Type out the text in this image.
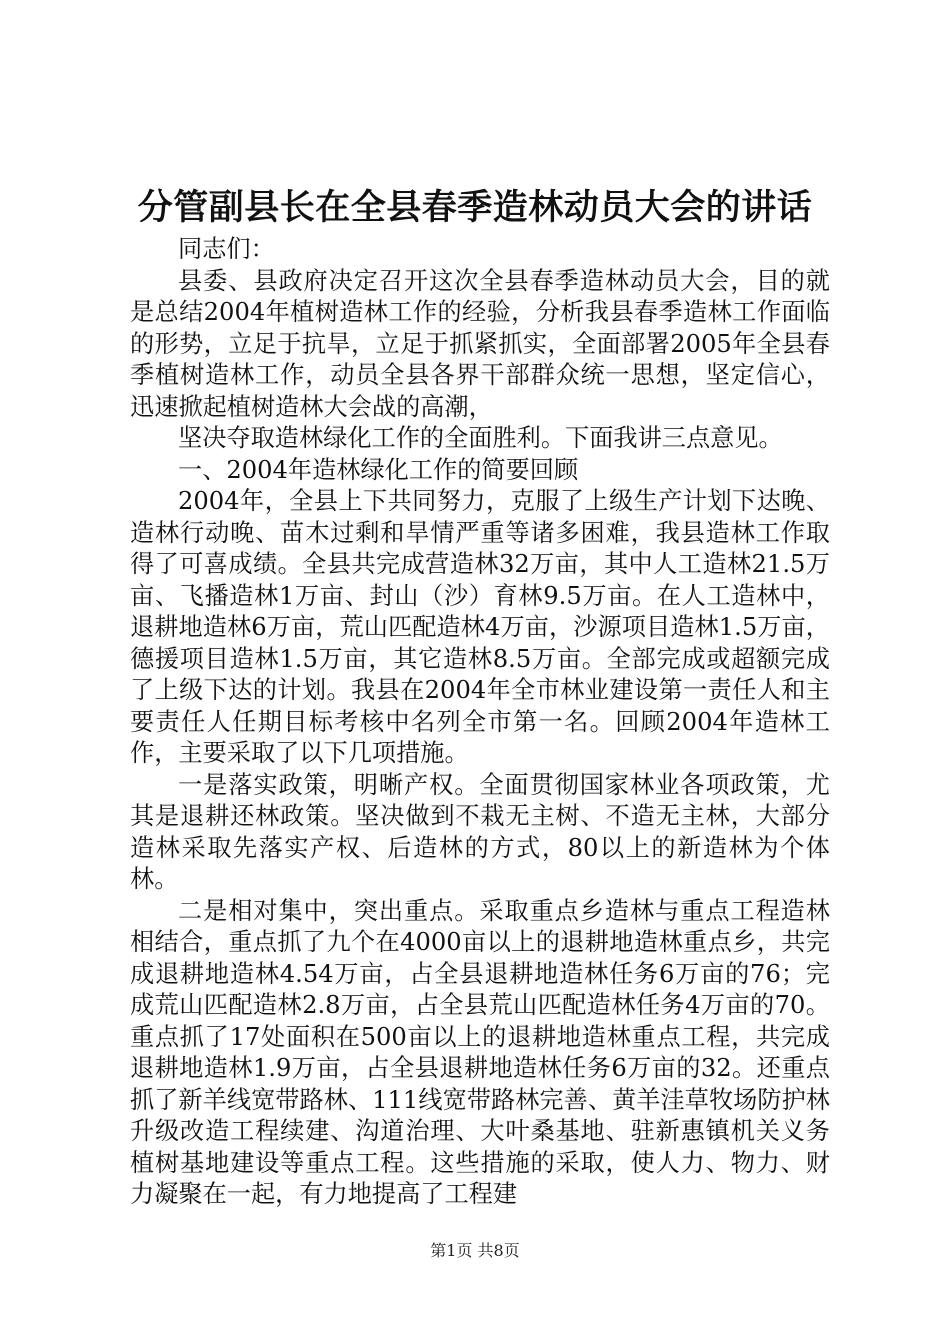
分管副县长在全县春季造林动员大会的讲话

同志们：

县委、县政府决定召开这次全县春季造林动员大会，目的就是总结2004年植树造林工作的经验，分析我县春季造林工作面临的形势，立足于抗旱，立足于抓紧抓实，全面部署2005年全县春季植树造林工作，动员全县各界干部群众统一思想，坚定信心，迅速掀起植树造林大会战的高潮，

坚决夺取造林绿化工作的全面胜利。下面我讲三点意见。

一、2004年造林绿化工作的简要回顾

2004年，全县上下共同努力，克服了上级生产计划下达晚、造林行动晚、苗木过剩和旱情严重等诸多困难，我县造林工作取得了可喜成绩。全县共完成营造林32万亩，其中人工造林21.5万亩、飞播造林1万亩、封山（沙）育林9.5万亩。在人工造林中，退耕地造林6万亩，荒山匹配造林4万亩，沙源项目造林1.5万亩，德援项目造林1.5万亩，其它造林8.5万亩。全部完成或超额完成了上级下达的计划。我县在2004年全市林业建设第一责任人和主要责任人任期目标考核中名列全市第一名。回顾2004年造林工作，主要采取了以下几项措施。

一是落实政策，明晰产权。全面贯彻国家林业各项政策，尤其是退耕还林政策。坚决做到不栽无主树、不造无主林，大部分造林采取先落实产权、后造林的方式，80以上的新造林为个体林。

二是相对集中，突出重点。采取重点乡造林与重点工程造林相结合，重点抓了九个在4000亩以上的退耕地造林重点乡，共完成退耕地造林4.54万亩，占全县退耕地造林任务6万亩的76；完成荒山匹配造林2.8万亩，占全县荒山匹配造林任务4万亩的70。重点抓了17处面积在500亩以上的退耕地造林重点工程，共完成退耕地造林1.9万亩，占全县退耕地造林任务6万亩的32。还重点抓了新羊线宽带路林、111线宽带路林完善、黄羊洼草牧场防护林升级改造工程续建、沟道治理、大叶桑基地、驻新惠镇机关义务植树基地建设等重点工程。这些措施的采取，使人力、物力、财力凝聚在一起，有力地提高了工程建

第1页 共8页
